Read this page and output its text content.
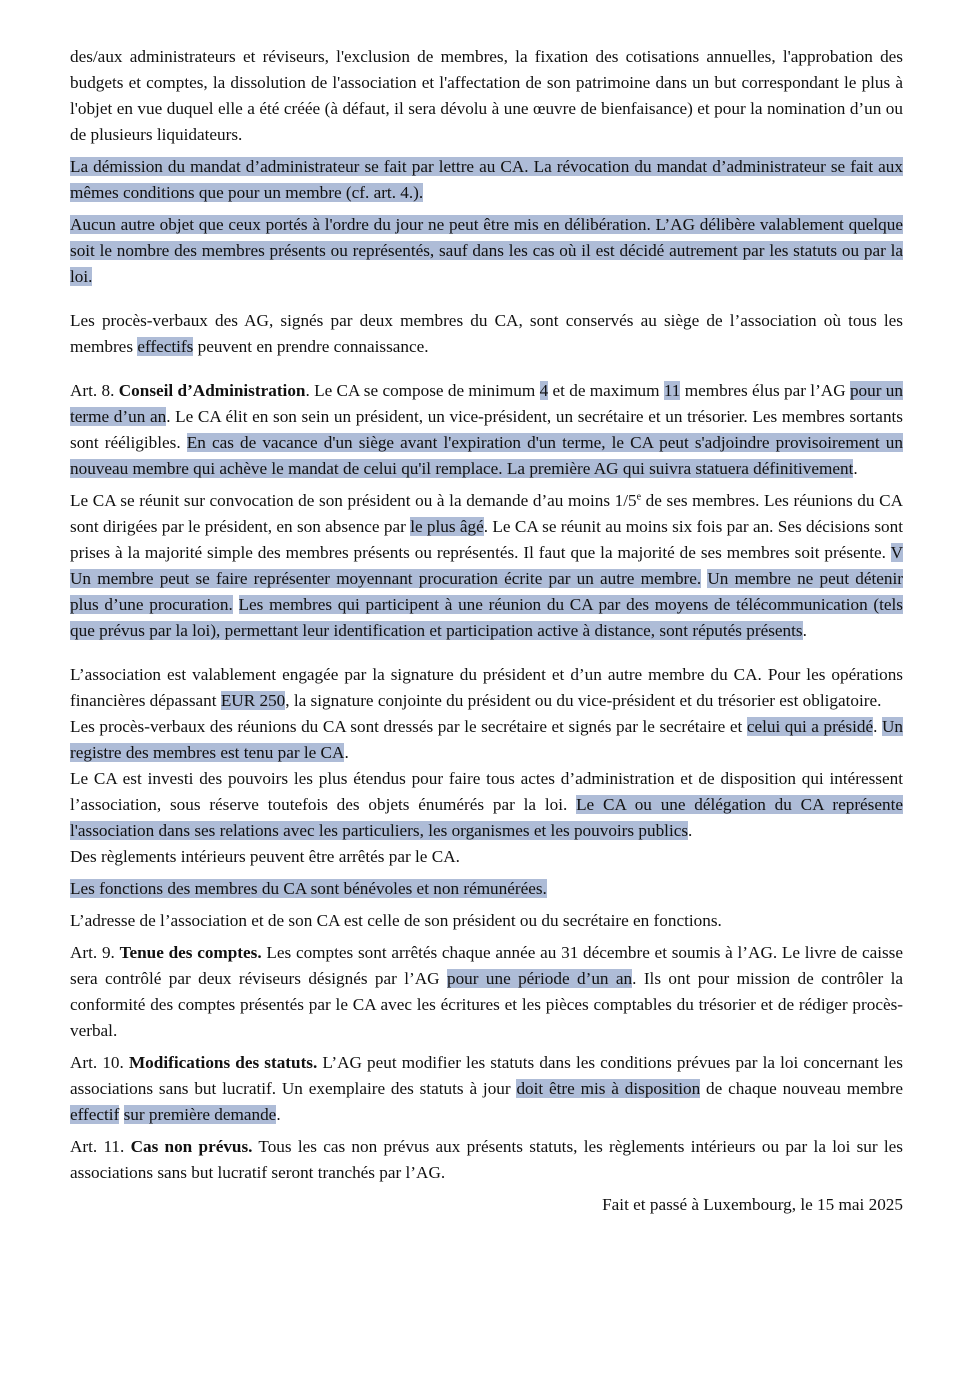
des/aux administrateurs et réviseurs, l'exclusion de membres, la fixation des cotisations annuelles, l'approbation des budgets et comptes, la dissolution de l'association et l'affectation de son patrimoine dans un but correspondant le plus à l'objet en vue duquel elle a été créée (à défaut, il sera dévolu à une œuvre de bienfaisance) et pour la nomination d’un ou de plusieurs liquidateurs.

La démission du mandat d’administrateur se fait par lettre au CA. La révocation du mandat d’administrateur se fait aux mêmes conditions que pour un membre (cf. art. 4.).

Aucun autre objet que ceux portés à l'ordre du jour ne peut être mis en délibération. L’AG délibère valablement quelque soit le nombre des membres présents ou représentés, sauf dans les cas où il est décidé autrement par les statuts ou par la loi.

Les procès-verbaux des AG, signés par deux membres du CA, sont conservés au siège de l’association où tous les membres effectifs peuvent en prendre connaissance.

Art. 8. Conseil d’Administration. Le CA se compose de minimum 4 et de maximum 11 membres élus par l’AG pour un terme d’un an. Le CA élit en son sein un président, un vice-président, un secrétaire et un trésorier. Les membres sortants sont rééligibles. En cas de vacance d'un siège avant l'expiration d'un terme, le CA peut s'adjoindre provisoirement un nouveau membre qui achève le mandat de celui qu'il remplace. La première AG qui suivra statuera définitivement.

Le CA se réunit sur convocation de son président ou à la demande d’au moins 1/5e de ses membres. Les réunions du CA sont dirigées par le président, en son absence par le plus âgé. Le CA se réunit au moins six fois par an. Ses décisions sont prises à la majorité simple des membres présents ou représentés. Il faut que la majorité de ses membres soit présente. V Un membre peut se faire représenter moyennant procuration écrite par un autre membre. Un membre ne peut détenir plus d’une procuration. Les membres qui participent à une réunion du CA par des moyens de télécommunication (tels que prévus par la loi), permettant leur identification et participation active à distance, sont réputés présents.

L’association est valablement engagée par la signature du président et d’un autre membre du CA. Pour les opérations financières dépassant EUR 250, la signature conjointe du président ou du vice-président et du trésorier est obligatoire.

Les procès-verbaux des réunions du CA sont dressés par le secrétaire et signés par le secrétaire et celui qui a présidé. Un registre des membres est tenu par le CA.

Le CA est investi des pouvoirs les plus étendus pour faire tous actes d’administration et de disposition qui intéressent l’association, sous réserve toutefois des objets énumérés par la loi. Le CA ou une délégation du CA représente l'association dans ses relations avec les particuliers, les organismes et les pouvoirs publics.

Des règlements intérieurs peuvent être arrêtés par le CA.

Les fonctions des membres du CA sont bénévoles et non rémunérées.

L’adresse de l’association et de son CA est celle de son président ou du secrétaire en fonctions.

Art. 9. Tenue des comptes. Les comptes sont arrêtés chaque année au 31 décembre et soumis à l’AG. Le livre de caisse sera contrôlé par deux réviseurs désignés par l’AG pour une période d’un an. Ils ont pour mission de contrôler la conformité des comptes présentés par le CA avec les écritures et les pièces comptables du trésorier et de rédiger procès-verbal.

Art. 10. Modifications des statuts. L’AG peut modifier les statuts dans les conditions prévues par la loi concernant les associations sans but lucratif. Un exemplaire des statuts à jour doit être mis à disposition de chaque nouveau membre effectif sur première demande.

Art. 11. Cas non prévus. Tous les cas non prévus aux présents statuts, les règlements intérieurs ou par la loi sur les associations sans but lucratif seront tranchés par l’AG.

Fait et passé à Luxembourg, le 15 mai 2025
